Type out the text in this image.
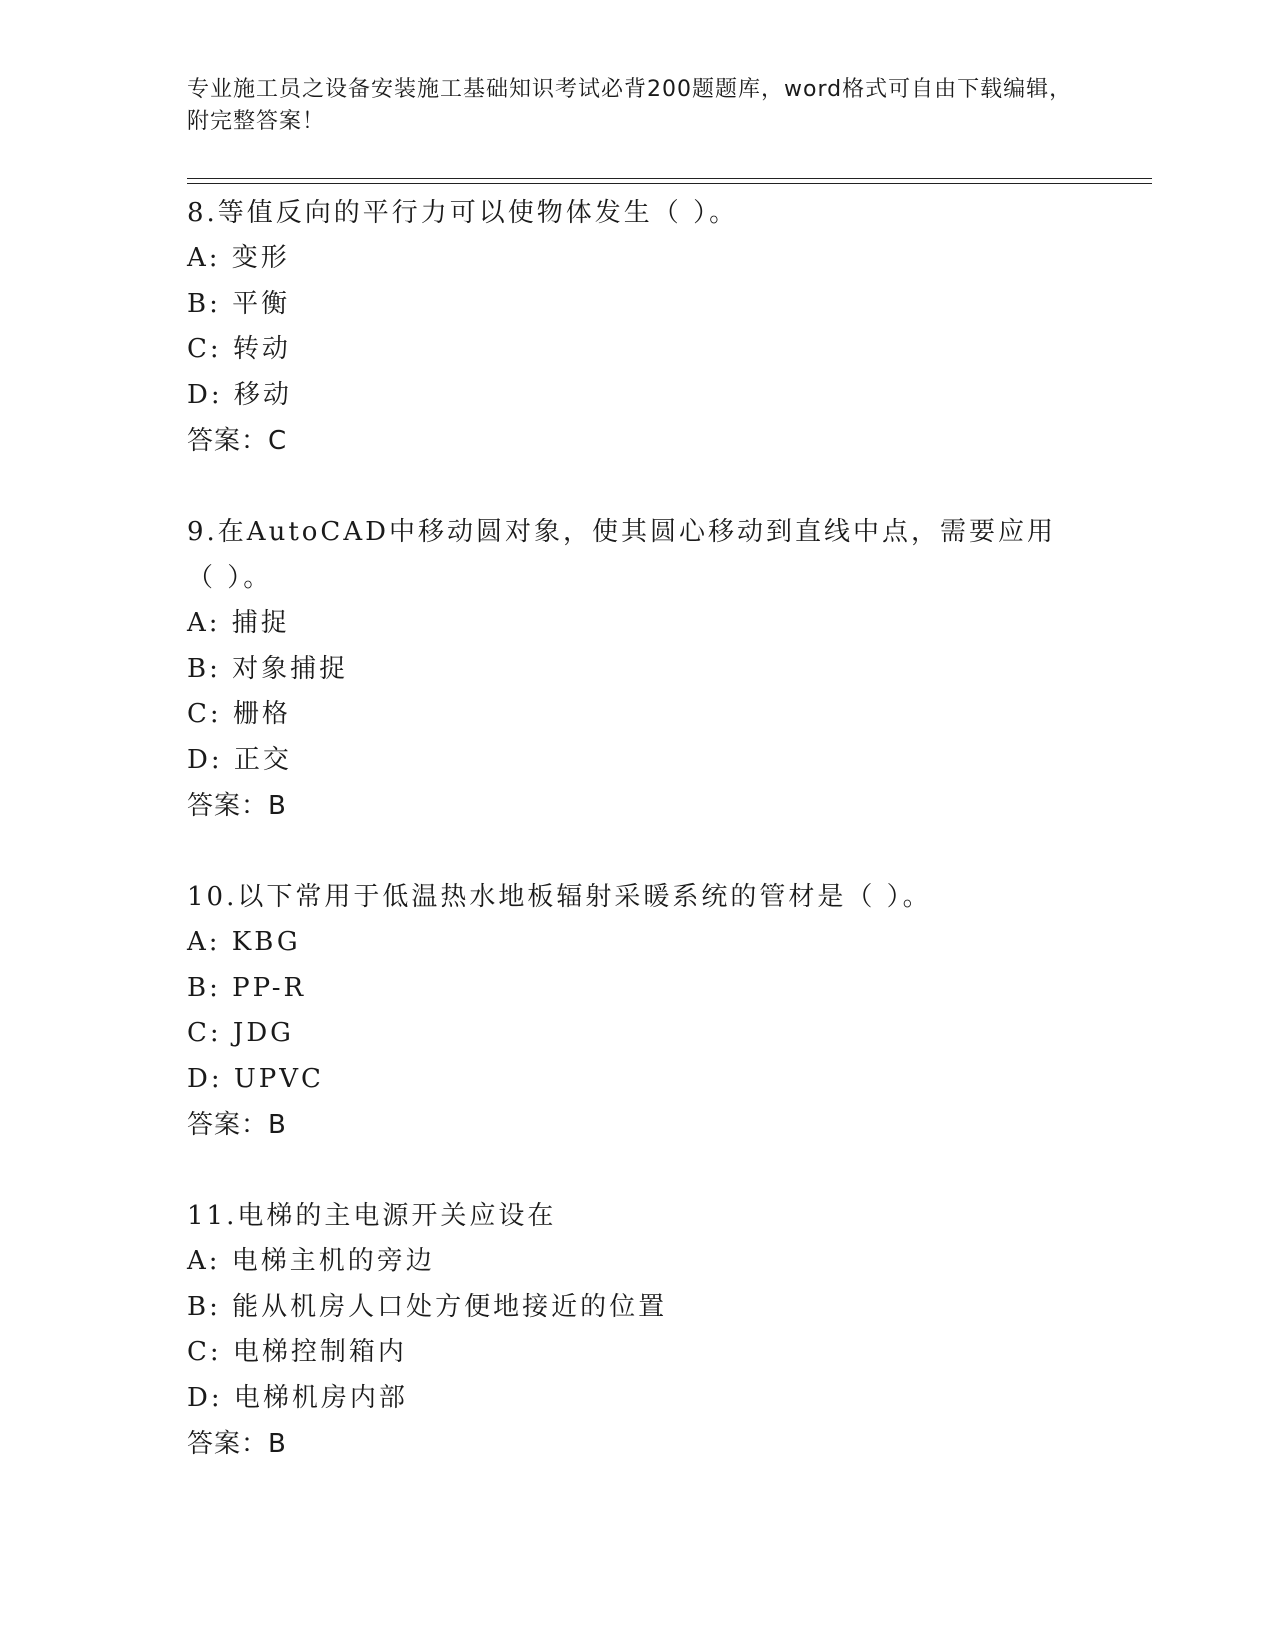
专业施工员之设备安装施工基础知识考试必背200题题库，word格式可自由下载编辑，附完整答案！

8.等值反向的平行力可以使物体发生（ ）。

A: 变形

B: 平衡

C: 转动

D: 移动

答案：C

9.在AutoCAD中移动圆对象，使其圆心移动到直线中点，需要应用（ ）。

A: 捕捉

B: 对象捕捉

C: 栅格

D: 正交

答案：B

10.以下常用于低温热水地板辐射采暖系统的管材是（ ）。

A: KBG

B: PP-R

C: JDG

D: UPVC

答案：B

11.电梯的主电源开关应设在

A: 电梯主机的旁边

B: 能从机房人口处方便地接近的位置

C: 电梯控制箱内

D: 电梯机房内部

答案：B
